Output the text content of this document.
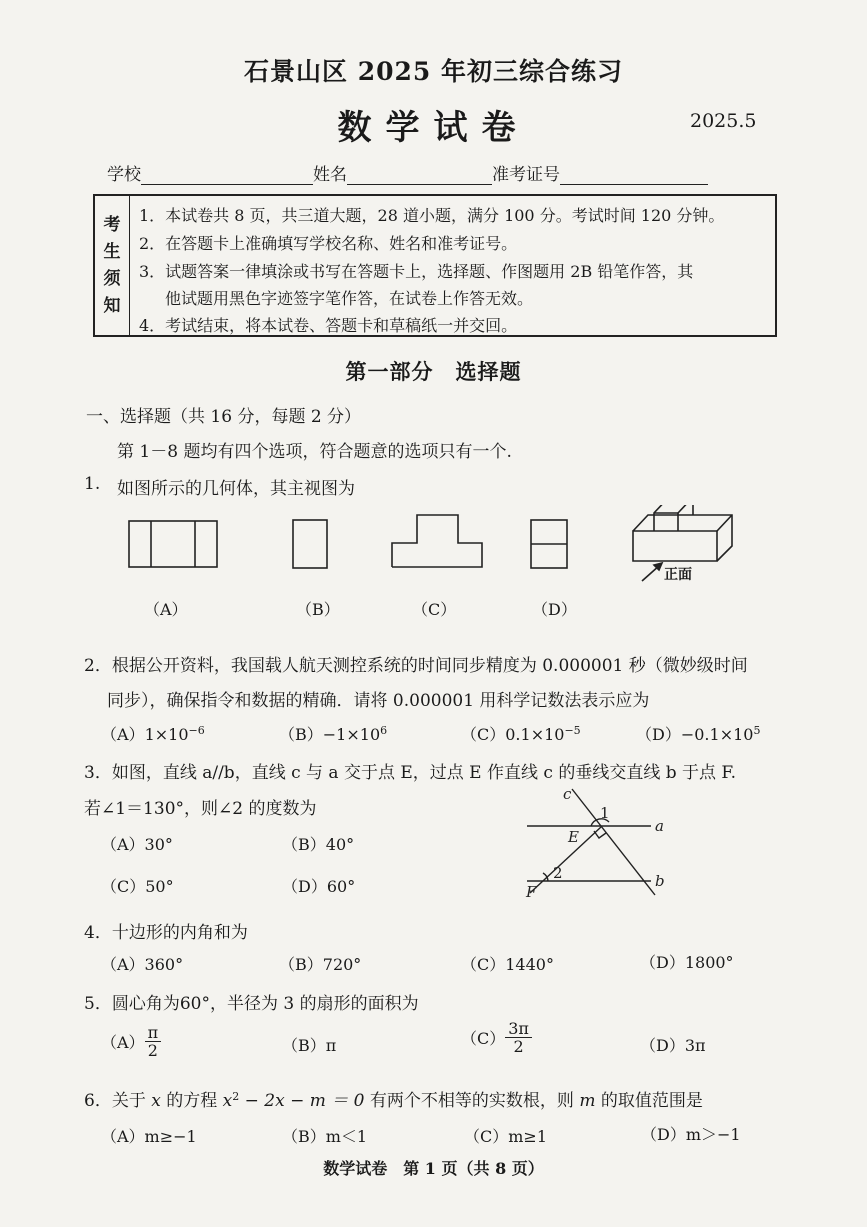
石景山区 2025 年初三综合练习
数学试卷	2025.5
学校	姓名	准考证号
考
生
须
知
1．本试卷共 8 页，共三道大题，28 道小题，满分 100 分。考试时间 120 分钟。
2．在答题卡上准确填写学校名称、姓名和准考证号。
3．试题答案一律填涂或书写在答题卡上，选择题、作图题用 2B 铅笔作答，其
他试题用黑色字迹签字笔作答，在试卷上作答无效。
4．考试结束，将本试卷、答题卡和草稿纸一并交回。
第一部分　选择题
一、选择题（共 16 分，每题 2 分）
第 1－8 题均有四个选项，符合题意的选项只有一个.
1. 如图所示的几何体，其主视图为
正面
（A）	（B）	（C）	（D）
2．根据公开资料，我国载人航天测控系统的时间同步精度为 0.000001 秒（微妙级时间
同步），确保指令和数据的精确．请将 0.000001 用科学记数法表示应为
$(A)1\times 10^{-6}$	$(B)-1\times 10^6$	$(C)0.1\times 10^{-5}$	$(D)-0.1\times 10^5$
3．如图，直线 a//b，直线 c 与 a 交于点 E，过点 E 作直线 c 的垂线交直线 b 于点 F.
若∠1＝130°，则∠2 的度数为
（A）30°	（B）40°
（C）50°	（D）60°
c
1
a
E
2	b
F
4．十边形的内角和为
（A）360°	（B）720°	（C）1440°	（D）1800°
5．圆心角为60°，半径为 3 的扇形的面积为
$(A) \frac{\pi}{2}$	（B）π	$(C) \frac{3\pi}{2}$	（D）3π
6．关于 x 的方程 $x^2 - 2x - m = 0$ 有两个不相等的实数根，则 m 的取值范围是
（A）m≥−1	（B）m＜1	（C）m≥1	（D）m＞−1
数学试卷　第 1 页（共 8 页）
